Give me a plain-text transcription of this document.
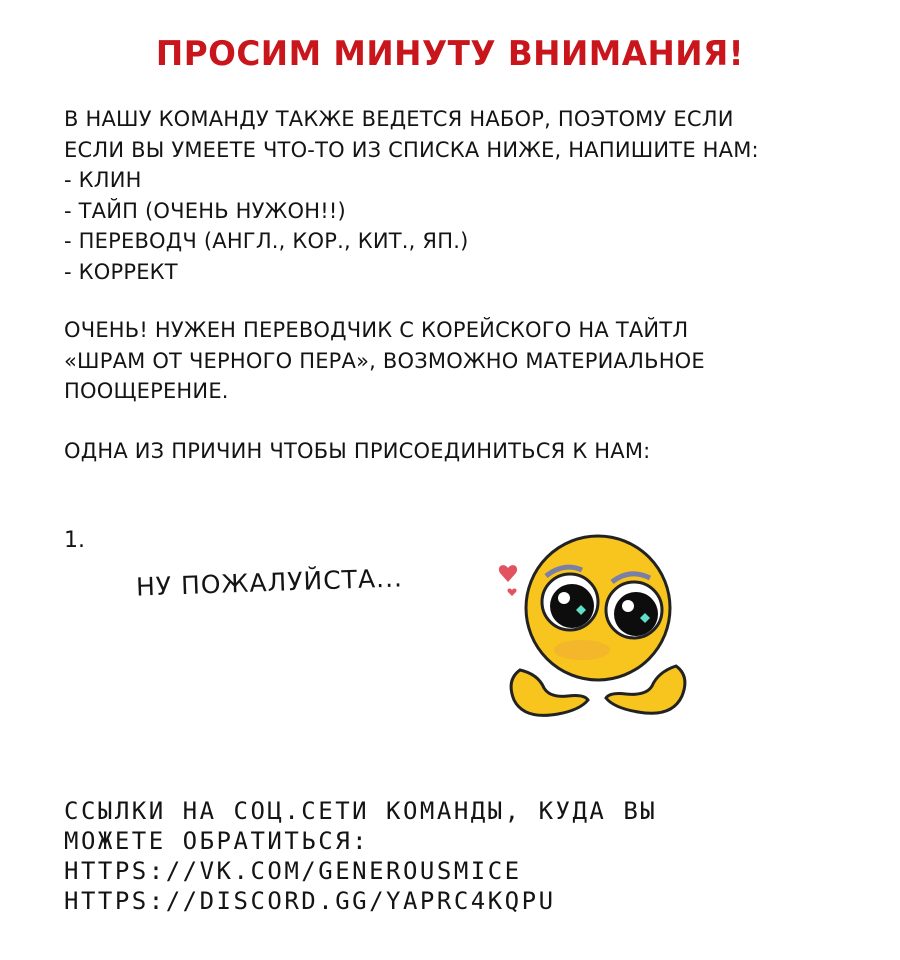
ПРОСИМ МИНУТУ ВНИМАНИЯ!

В НАШУ КОМАНДУ ТАКЖЕ ВЕДЕТСЯ НАБОР, ПОЭТОМУ ЕСЛИ

ЕСЛИ ВЫ УМЕЕТЕ ЧТО-ТО ИЗ СПИСКА НИЖЕ, НАПИШИТЕ НАМ:

- КЛИН

- ТАЙП (ОЧЕНЬ НУЖОН!!)

- ПЕРЕВОДЧ (АНГЛ., КОР., КИТ., ЯП.)

- КОРРЕКТ

ОЧЕНЬ! НУЖЕН ПЕРЕВОДЧИК С КОРЕЙСКОГО НА ТАЙТЛ

«ШРАМ ОТ ЧЕРНОГО ПЕРА», ВОЗМОЖНО МАТЕРИАЛЬНОЕ

ПООЩЕРЕНИЕ.

ОДНА ИЗ ПРИЧИН ЧТОБЫ ПРИСОЕДИНИТЬСЯ К НАМ:
1.
НУ ПОЖАЛУЙСТА...

ССЫЛКИ НА СОЦ.СЕТИ КОМАНДЫ, КУДА ВЫ

МОЖЕТЕ ОБРАТИТЬСЯ:

HTTPS://VK.COM/GENEROUSMICE

HTTPS://DISCORD.GG/YAPRC4KQPU
